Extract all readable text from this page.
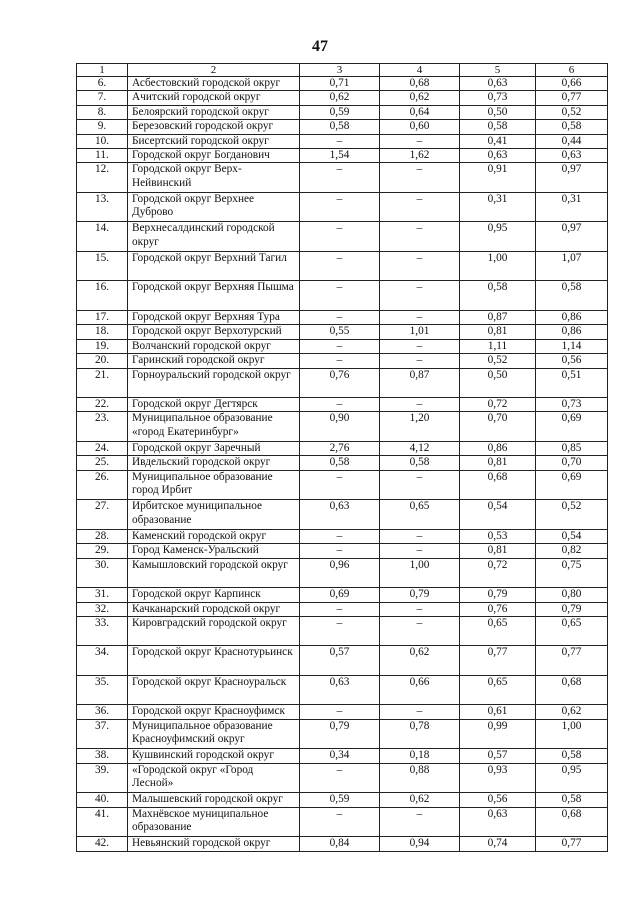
47
1	2	3	4	5	6
6.	Асбестовский городской округ	0,71	0,68	0,63	0,66
7.	Ачитский городской округ	0,62	0,62	0,73	0,77
8.	Белоярский городской округ	0,59	0,64	0,50	0,52
9.	Березовский городской округ	0,58	0,60	0,58	0,58
10.	Бисертский городской округ	–	–	0,41	0,44
11.	Городской округ Богданович	1,54	1,62	0,63	0,63
12.	Городской округ Верх-Нейвинский	–	–	0,91	0,97
13.	Городской округ Верхнее Дуброво	–	–	0,31	0,31
14.	Верхнесалдинский городской округ	–	–	0,95	0,97
15.	Городской округ Верхний Тагил	–	–	1,00	1,07
16.	Городской округ Верхняя Пышма	–	–	0,58	0,58
17.	Городской округ Верхняя Тура	–	–	0,87	0,86
18.	Городской округ Верхотурский	0,55	1,01	0,81	0,86
19.	Волчанский городской округ	–	–	1,11	1,14
20.	Гаринский городской округ	–	–	0,52	0,56
21.	Горноуральский городской округ	0,76	0,87	0,50	0,51
22.	Городской округ Дегтярск	–	–	0,72	0,73
23.	Муниципальное образование «город Екатеринбург»	0,90	1,20	0,70	0,69
24.	Городской округ Заречный	2,76	4,12	0,86	0,85
25.	Ивдельский городской округ	0,58	0,58	0,81	0,70
26.	Муниципальное образование город Ирбит	–	–	0,68	0,69
27.	Ирбитское муниципальное образование	0,63	0,65	0,54	0,52
28.	Каменский городской округ	–	–	0,53	0,54
29.	Город Каменск-Уральский	–	–	0,81	0,82
30.	Камышловский городской округ	0,96	1,00	0,72	0,75
31.	Городской округ Карпинск	0,69	0,79	0,79	0,80
32.	Качканарский городской округ	–	–	0,76	0,79
33.	Кировградский городской округ	–	–	0,65	0,65
34.	Городской округ Краснотурьинск	0,57	0,62	0,77	0,77
35.	Городской округ Красноуральск	0,63	0,66	0,65	0,68
36.	Городской округ Красноуфимск	–	–	0,61	0,62
37.	Муниципальное образование Красноуфимский округ	0,79	0,78	0,99	1,00
38.	Кушвинский городской округ	0,34	0,18	0,57	0,58
39.	«Городской округ «Город Лесной»	–	0,88	0,93	0,95
40.	Малышевский городской округ	0,59	0,62	0,56	0,58
41.	Махнёвское муниципальное образование	–	–	0,63	0,68
42.	Невьянский городской округ	0,84	0,94	0,74	0,77
